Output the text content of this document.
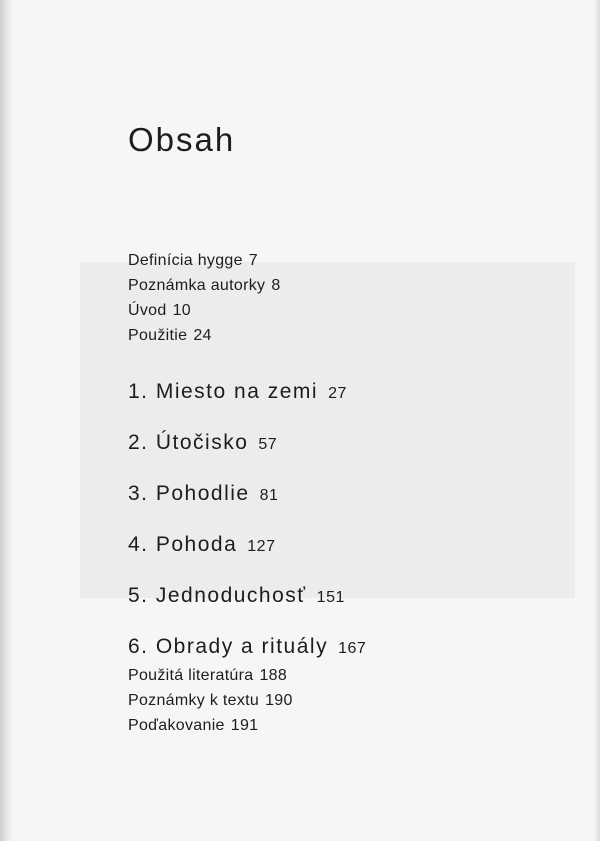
Obsah
Definícia hygge 7
Poznámka autorky 8
Úvod 10
Použitie 24
1. Miesto na zemi 27
2. Útočisko 57
3. Pohodlie 81
4. Pohoda 127
5. Jednoduchosť 151
6. Obrady a rituály 167
Použitá literatúra 188
Poznámky k textu 190
Poďakovanie 191
